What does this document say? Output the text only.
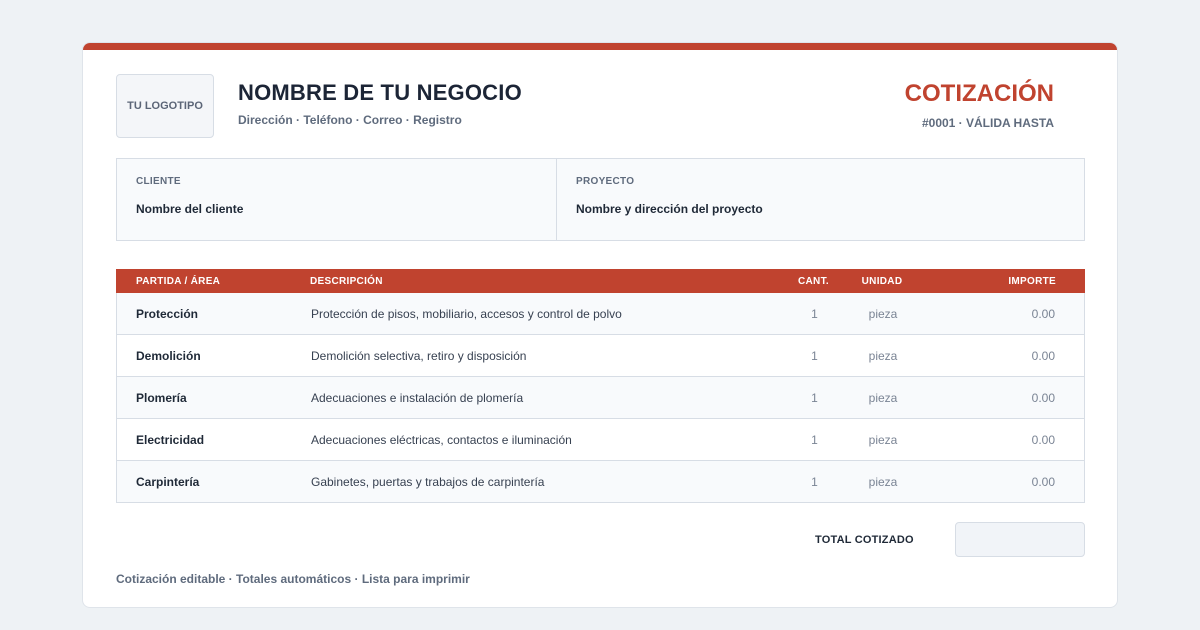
TU LOGOTIPO
NOMBRE DE TU NEGOCIO
Dirección · Teléfono · Correo · Registro
COTIZACIÓN
#0001 · VÁLIDA HASTA
CLIENTE
Nombre del cliente
PROYECTO
Nombre y dirección del proyecto
PARTIDA / ÁREA	DESCRIPCIÓN	CANT.	UNIDAD	IMPORTE
Protección	Protección de pisos, mobiliario, accesos y control de polvo	1	pieza	0.00
Demolición	Demolición selectiva, retiro y disposición	1	pieza	0.00
Plomería	Adecuaciones e instalación de plomería	1	pieza	0.00
Electricidad	Adecuaciones eléctricas, contactos e iluminación	1	pieza	0.00
Carpintería	Gabinetes, puertas y trabajos de carpintería	1	pieza	0.00
TOTAL COTIZADO
Cotización editable · Totales automáticos · Lista para imprimir
